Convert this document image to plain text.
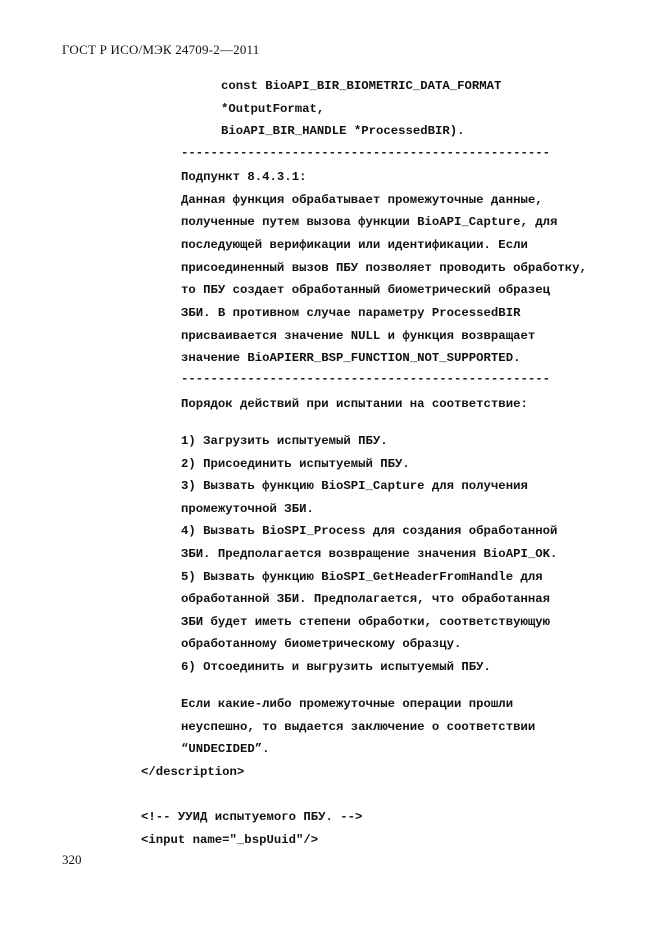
ГОСТ Р ИСО/МЭК 24709-2—2011
const BioAPI_BIR_BIOMETRIC_DATA_FORMAT
*OutputFormat,
BioAPI_BIR_HANDLE *ProcessedBIR).
--------------------------------------------------
Подпункт 8.4.3.1:
Данная функция обрабатывает промежуточные данные,
полученные путем вызова функции BioAPI_Capture, для
последующей верификации или идентификации. Если
присоединенный вызов ПБУ позволяет проводить обработку,
то ПБУ создает обработанный биометрический образец
ЗБИ. В противном случае параметру ProcessedBIR
присваивается значение NULL и функция возвращает
значение BioAPIERR_BSP_FUNCTION_NOT_SUPPORTED.
--------------------------------------------------
Порядок действий при испытании на соответствие:
1) Загрузить испытуемый ПБУ.
2) Присоединить испытуемый ПБУ.
3) Вызвать функцию BioSPI_Capture для получения
промежуточной ЗБИ.
4) Вызвать BioSPI_Process для создания обработанной
ЗБИ. Предполагается возвращение значения BioAPI_OK.
5) Вызвать функцию BioSPI_GetHeaderFromHandle для
обработанной ЗБИ. Предполагается, что обработанная
ЗБИ будет иметь степени обработки, соответствующую
обработанному биометрическому образцу.
6) Отсоединить и выгрузить испытуемый ПБУ.
Если какие-либо промежуточные операции прошли
неуспешно, то выдается заключение о соответствии
“UNDECIDED”.
</description>
<!-- УУИД испытуемого ПБУ. -->
<input name="_bspUuid"/>
320
